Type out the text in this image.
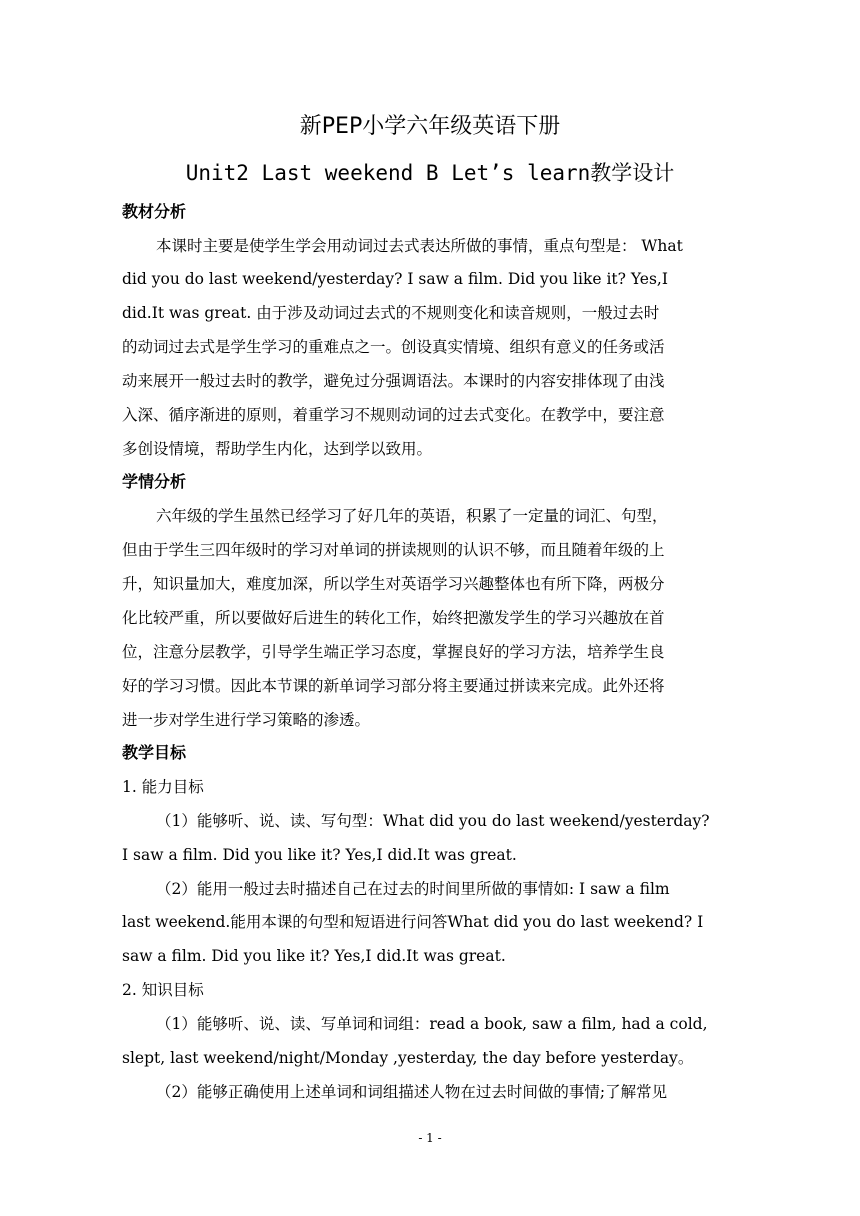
新PEP小学六年级英语下册
Unit2 Last weekend B Let’s learn教学设计
教材分析
本课时主要是使学生学会用动词过去式表达所做的事情，重点句型是： What
did you do last weekend/yesterday? I saw a film. Did you like it? Yes,I
did.It was great. 由于涉及动词过去式的不规则变化和读音规则，一般过去时
的动词过去式是学生学习的重难点之一。创设真实情境、组织有意义的任务或活
动来展开一般过去时的教学，避免过分强调语法。本课时的内容安排体现了由浅
入深、循序渐进的原则，着重学习不规则动词的过去式变化。在教学中，要注意
多创设情境，帮助学生内化，达到学以致用。
学情分析
六年级的学生虽然已经学习了好几年的英语，积累了一定量的词汇、句型，
但由于学生三四年级时的学习对单词的拼读规则的认识不够，而且随着年级的上
升，知识量加大，难度加深，所以学生对英语学习兴趣整体也有所下降，两极分
化比较严重，所以要做好后进生的转化工作，始终把激发学生的学习兴趣放在首
位，注意分层教学，引导学生端正学习态度，掌握良好的学习方法，培养学生良
好的学习习惯。因此本节课的新单词学习部分将主要通过拼读来完成。此外还将
进一步对学生进行学习策略的渗透。
教学目标
1. 能力目标
（1）能够听、说、读、写句型：What did you do last weekend/yesterday?
I saw a film. Did you like it? Yes,I did.It was great.
（2）能用一般过去时描述自己在过去的时间里所做的事情如: I saw a film
last weekend.能用本课的句型和短语进行问答What did you do last weekend? I
saw a film. Did you like it? Yes,I did.It was great.
2. 知识目标
（1）能够听、说、读、写单词和词组：read a book, saw a film, had a cold,
slept, last weekend/night/Monday ,yesterday, the day before yesterday。
（2）能够正确使用上述单词和词组描述人物在过去时间做的事情;了解常见
- 1 -
